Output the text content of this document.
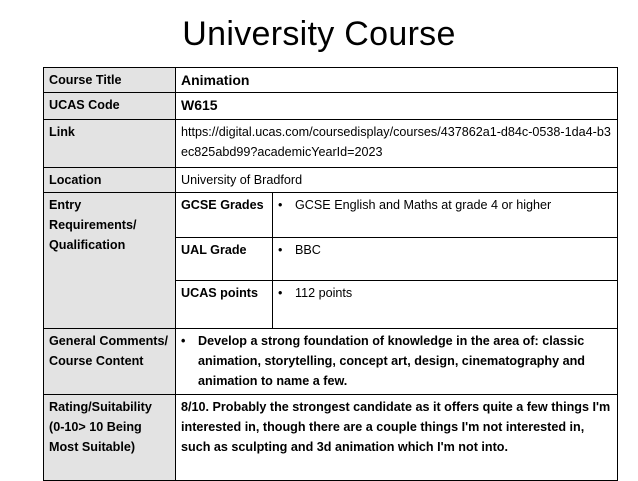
University Course
Course Title	Animation	
UCAS Code	W615	
Link	https://digital.ucas.com/coursedisplay/courses/437862a1-d84c-0538-1da4-b3ec825abd99?academicYearId=2023	
Location	University of Bradford	
Entry Requirements/ Qualification	GCSE Grades	• GCSE English and Maths at grade 4 or higher

	UAL Grade	• BBC

	UCAS points	• 112 points

General Comments/ Course Content	• Develop a strong foundation of knowledge in the area of: classic animation, storytelling, concept art, design, cinematography and animation to name a few.	

Rating/Suitability (0-10> 10 Being Most Suitable)	8/10. Probably the strongest candidate as it offers quite a few things I'm interested in, though there are a couple things I'm not interested in, such as sculpting and 3d animation which I'm not into.	
